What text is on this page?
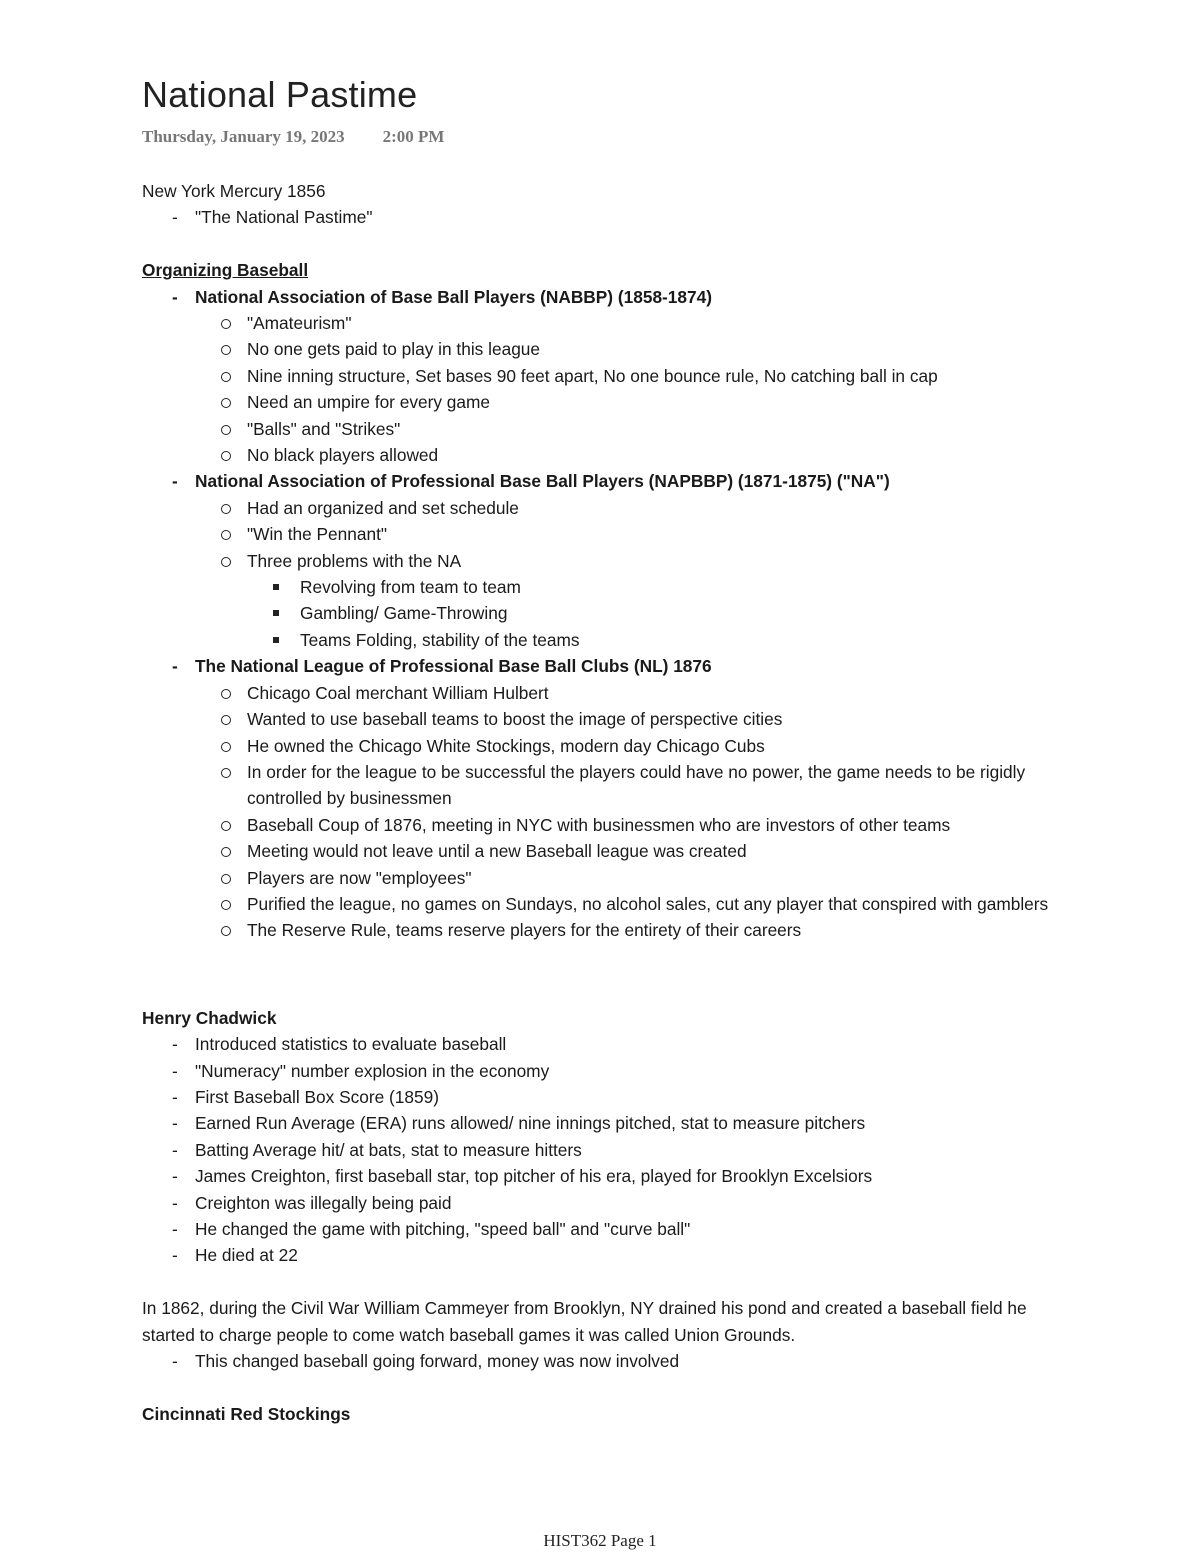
National Pastime
Thursday, January 19, 2023 2:00 PM
New York Mercury 1856
- "The National Pastime"
Organizing Baseball
- National Association of Base Ball Players (NABBP) (1858-1874)
"Amateurism"
No one gets paid to play in this league
Nine inning structure, Set bases 90 feet apart, No one bounce rule, No catching ball in cap
Need an umpire for every game
"Balls" and "Strikes"
No black players allowed
- National Association of Professional Base Ball Players (NAPBBP) (1871-1875) ("NA")
Had an organized and set schedule
"Win the Pennant"
Three problems with the NA
Revolving from team to team
Gambling/ Game-Throwing
Teams Folding, stability of the teams
- The National League of Professional Base Ball Clubs (NL) 1876
Chicago Coal merchant William Hulbert
Wanted to use baseball teams to boost the image of perspective cities
He owned the Chicago White Stockings, modern day Chicago Cubs
In order for the league to be successful the players could have no power, the game needs to be rigidly controlled by businessmen
Baseball Coup of 1876, meeting in NYC with businessmen who are investors of other teams
Meeting would not leave until a new Baseball league was created
Players are now "employees"
Purified the league, no games on Sundays, no alcohol sales, cut any player that conspired with gamblers
The Reserve Rule, teams reserve players for the entirety of their careers
Henry Chadwick
- Introduced statistics to evaluate baseball
- "Numeracy" number explosion in the economy
- First Baseball Box Score (1859)
- Earned Run Average (ERA) runs allowed/ nine innings pitched, stat to measure pitchers
- Batting Average hit/ at bats, stat to measure hitters
- James Creighton, first baseball star, top pitcher of his era, played for Brooklyn Excelsiors
- Creighton was illegally being paid
- He changed the game with pitching, "speed ball" and "curve ball"
- He died at 22
In 1862, during the Civil War William Cammeyer from Brooklyn, NY drained his pond and created a baseball field he started to charge people to come watch baseball games it was called Union Grounds.
- This changed baseball going forward, money was now involved
Cincinnati Red Stockings
HIST362 Page 1
